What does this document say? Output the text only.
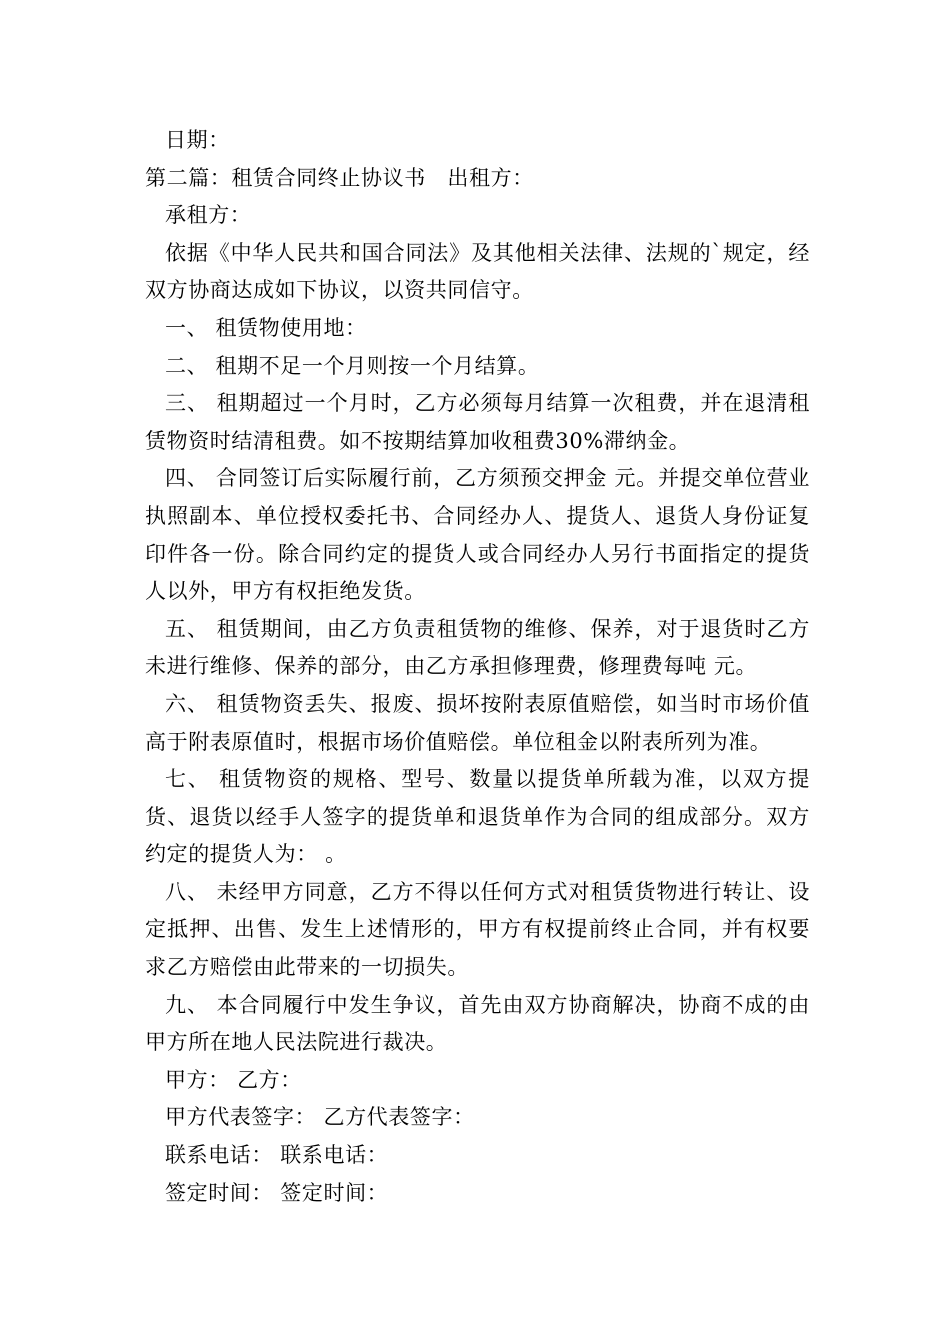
日期：

第二篇：租赁合同终止协议书　出租方：

承租方：

依据《中华人民共和国合同法》及其他相关法律、法规的`规定，经双方协商达成如下协议，以资共同信守。

一、 租赁物使用地：

二、 租期不足一个月则按一个月结算。

三、 租期超过一个月时，乙方必须每月结算一次租费，并在退清租赁物资时结清租费。如不按期结算加收租费30%滞纳金。

四、 合同签订后实际履行前，乙方须预交押金 元。并提交单位营业执照副本、单位授权委托书、合同经办人、提货人、退货人身份证复印件各一份。除合同约定的提货人或合同经办人另行书面指定的提货人以外，甲方有权拒绝发货。

五、 租赁期间，由乙方负责租赁物的维修、保养，对于退货时乙方未进行维修、保养的部分，由乙方承担修理费，修理费每吨 元。

六、 租赁物资丢失、报废、损坏按附表原值赔偿，如当时市场价值高于附表原值时，根据市场价值赔偿。单位租金以附表所列为准。

七、 租赁物资的规格、型号、数量以提货单所载为准，以双方提货、退货以经手人签字的提货单和退货单作为合同的组成部分。双方约定的提货人为： 。

八、 未经甲方同意，乙方不得以任何方式对租赁货物进行转让、设定抵押、出售、发生上述情形的，甲方有权提前终止合同，并有权要求乙方赔偿由此带来的一切损失。

九、 本合同履行中发生争议，首先由双方协商解决，协商不成的由甲方所在地人民法院进行裁决。

甲方： 乙方：

甲方代表签字： 乙方代表签字：

联系电话： 联系电话：

签定时间： 签定时间：
